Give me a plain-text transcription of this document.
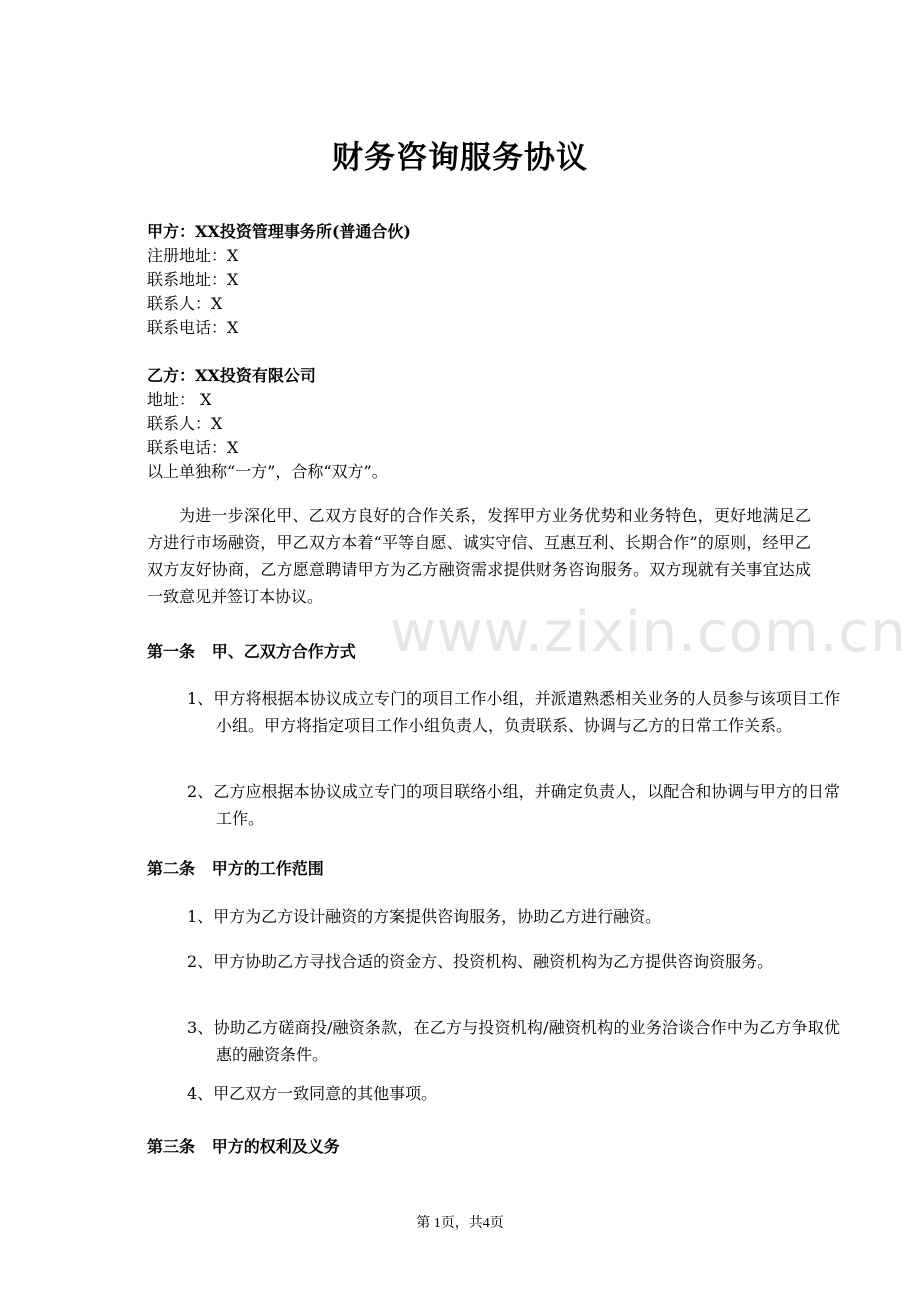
www.zixin.com.cn
财务咨询服务协议
甲方：XX投资管理事务所(普通合伙)
注册地址：X
联系地址：X
联系人：X
联系电话：X
乙方：XX投资有限公司
地址： X
联系人：X
联系电话：X
以上单独称“一方”，合称“双方”。
为进一步深化甲、乙双方良好的合作关系，发挥甲方业务优势和业务特色，更好地满足乙方进行市场融资，甲乙双方本着“平等自愿、诚实守信、互惠互利、长期合作”的原则，经甲乙双方友好协商，乙方愿意聘请甲方为乙方融资需求提供财务咨询服务。双方现就有关事宜达成一致意见并签订本协议。
第一条   甲、乙双方合作方式
1、甲方将根据本协议成立专门的项目工作小组，并派遣熟悉相关业务的人员参与该项目工作小组。甲方将指定项目工作小组负责人，负责联系、协调与乙方的日常工作关系。
2、乙方应根据本协议成立专门的项目联络小组，并确定负责人，以配合和协调与甲方的日常工作。
第二条   甲方的工作范围
1、甲方为乙方设计融资的方案提供咨询服务，协助乙方进行融资。
2、甲方协助乙方寻找合适的资金方、投资机构、融资机构为乙方提供咨询资服务。
3、协助乙方磋商投/融资条款，在乙方与投资机构/融资机构的业务洽谈合作中为乙方争取优惠的融资条件。
4、甲乙双方一致同意的其他事项。
第三条   甲方的权利及义务
第 1页，共4页
